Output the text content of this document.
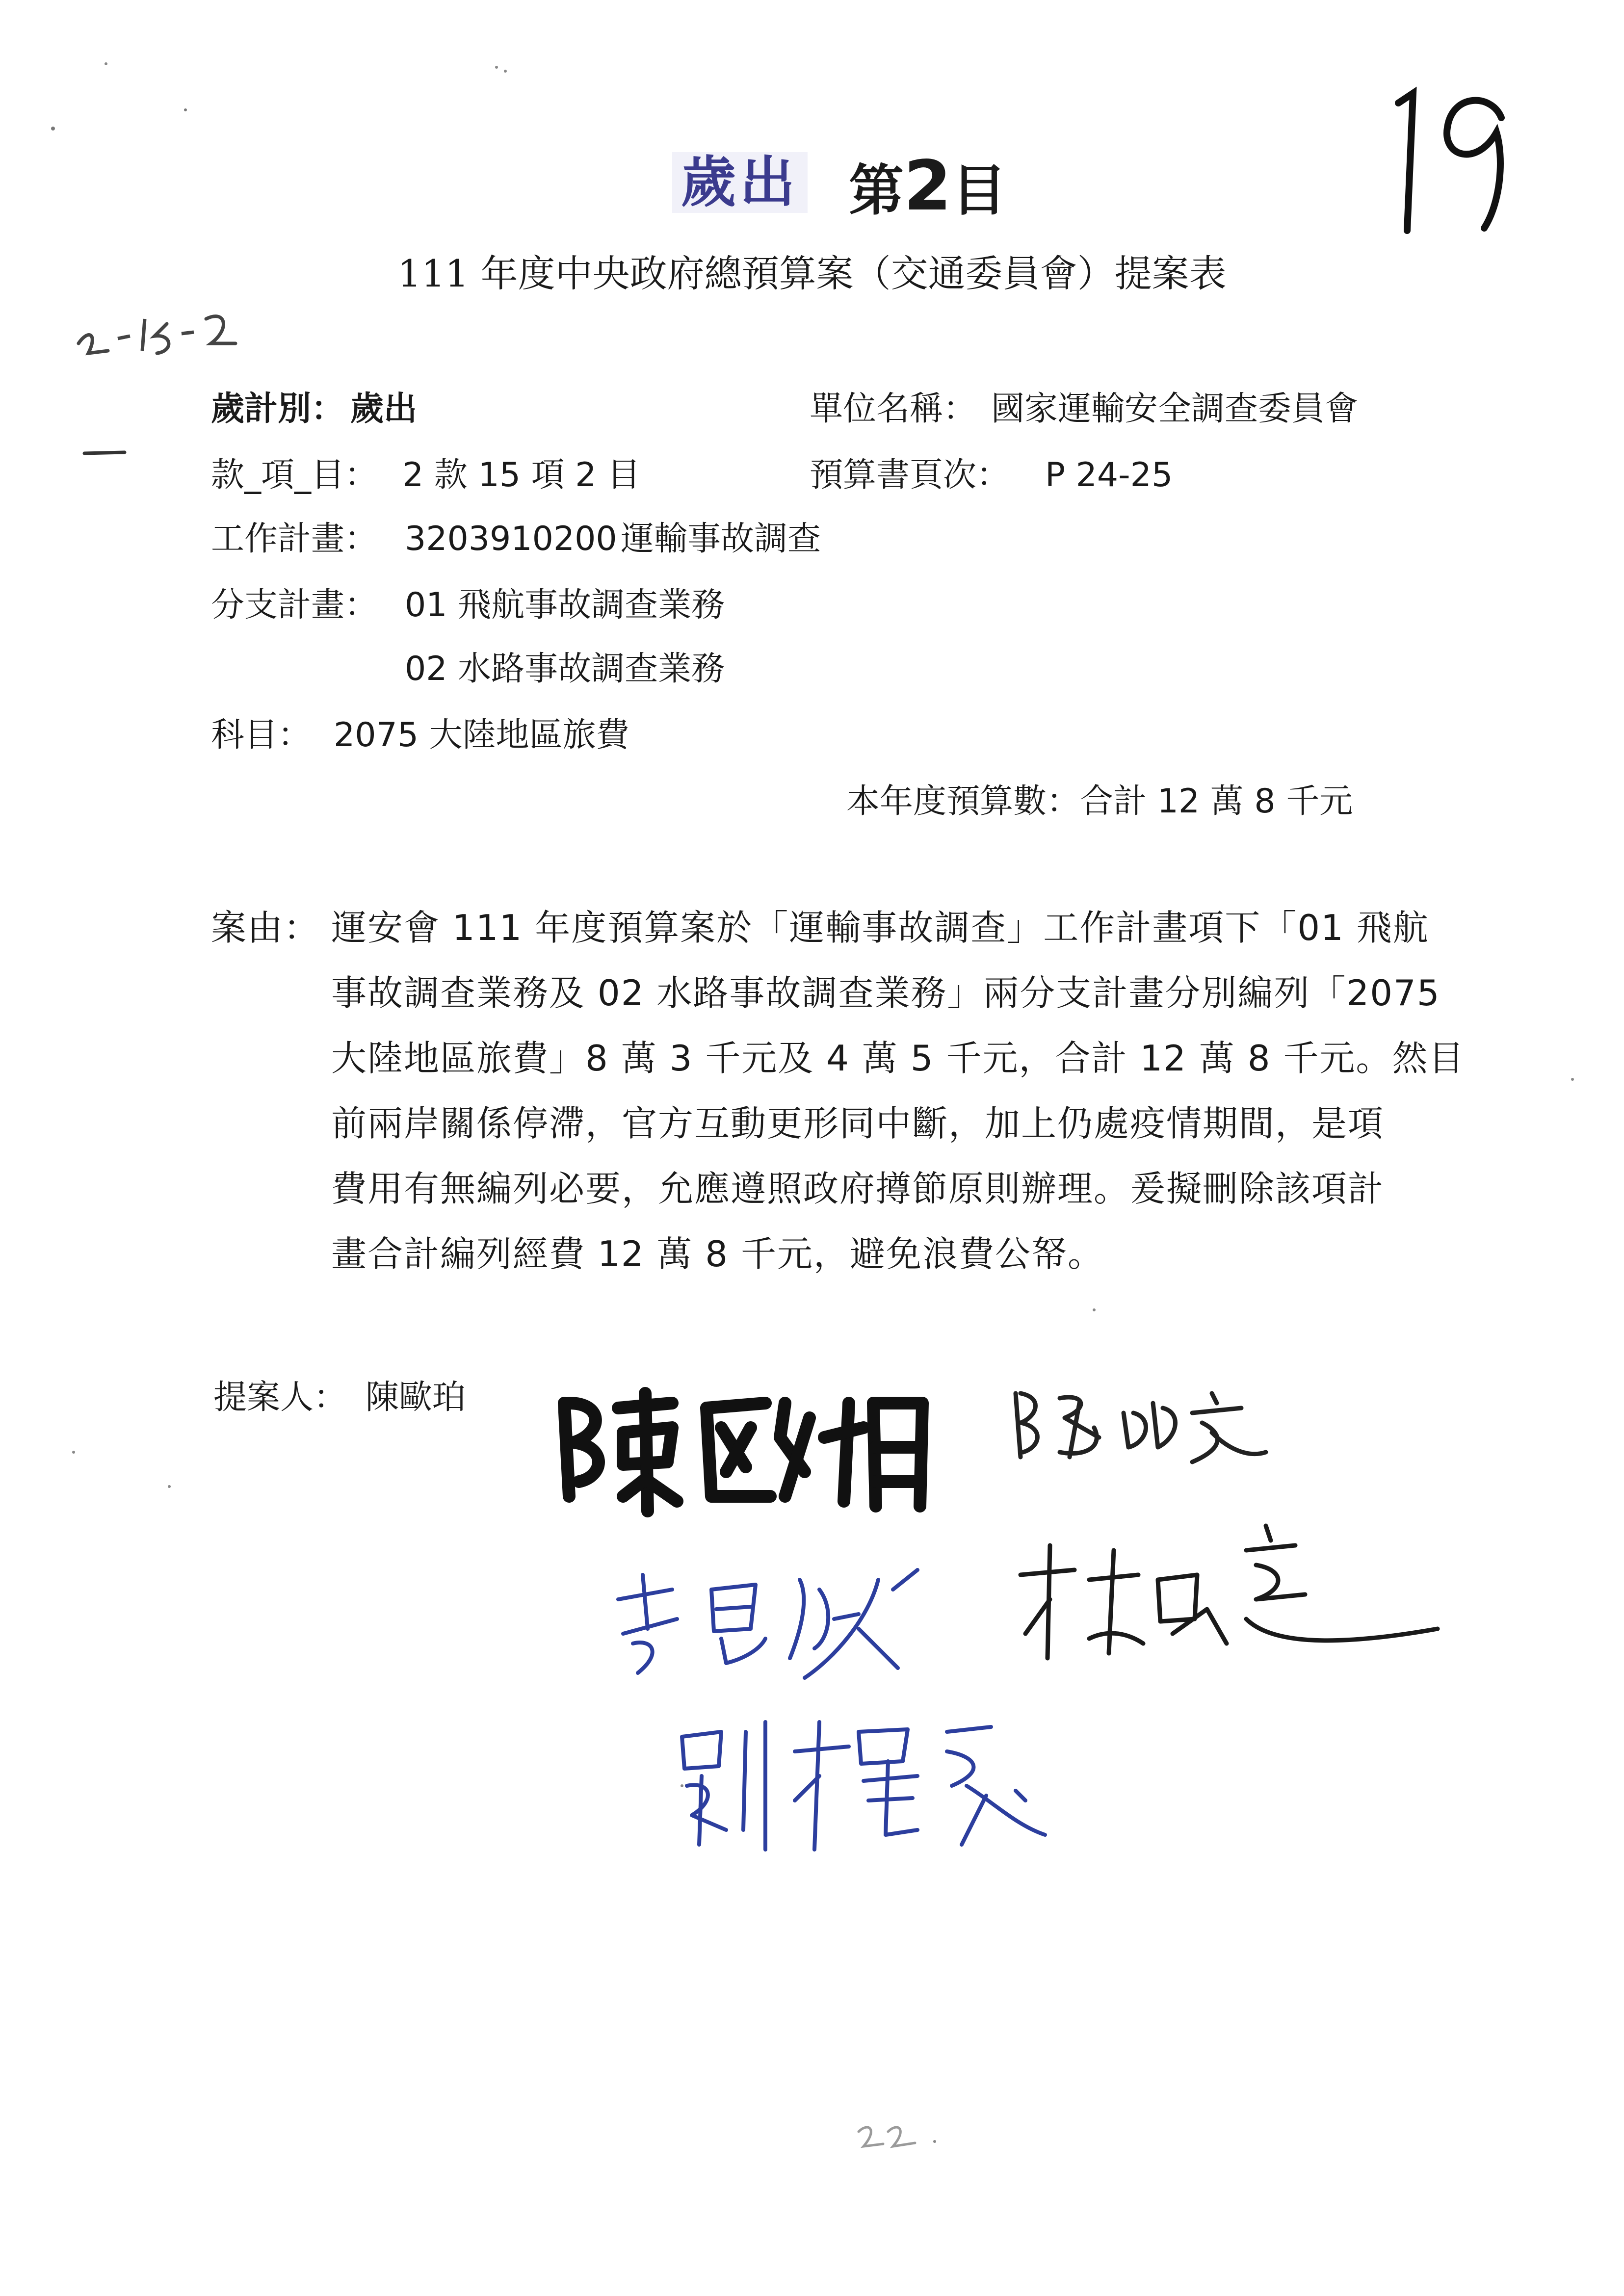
歲出 第2目
111 年度中央政府總預算案（交通委員會）提案表
歲計別： 歲出	單位名稱： 國家運輸安全調查委員會
款_項_目： 2 款 15 項 2 目	預算書頁次： P 24-25
工作計畫： 3203910200 運輸事故調查
分支計畫： 01 飛航事故調查業務
02 水路事故調查業務
科目： 2075 大陸地區旅費
本年度預算數：合計 12 萬 8 千元
案由： 運安會 111 年度預算案於「運輸事故調查」工作計畫項下「01 飛航
事故調查業務及 02 水路事故調查業務」兩分支計畫分別編列「2075
大陸地區旅費」8 萬 3 千元及 4 萬 5 千元，合計 12 萬 8 千元。然目
前兩岸關係停滯，官方互動更形同中斷，加上仍處疫情期間，是項
費用有無編列必要，允應遵照政府撙節原則辦理。爰擬刪除該項計
畫合計編列經費 12 萬 8 千元，避免浪費公帑。
提案人： 陳歐珀
